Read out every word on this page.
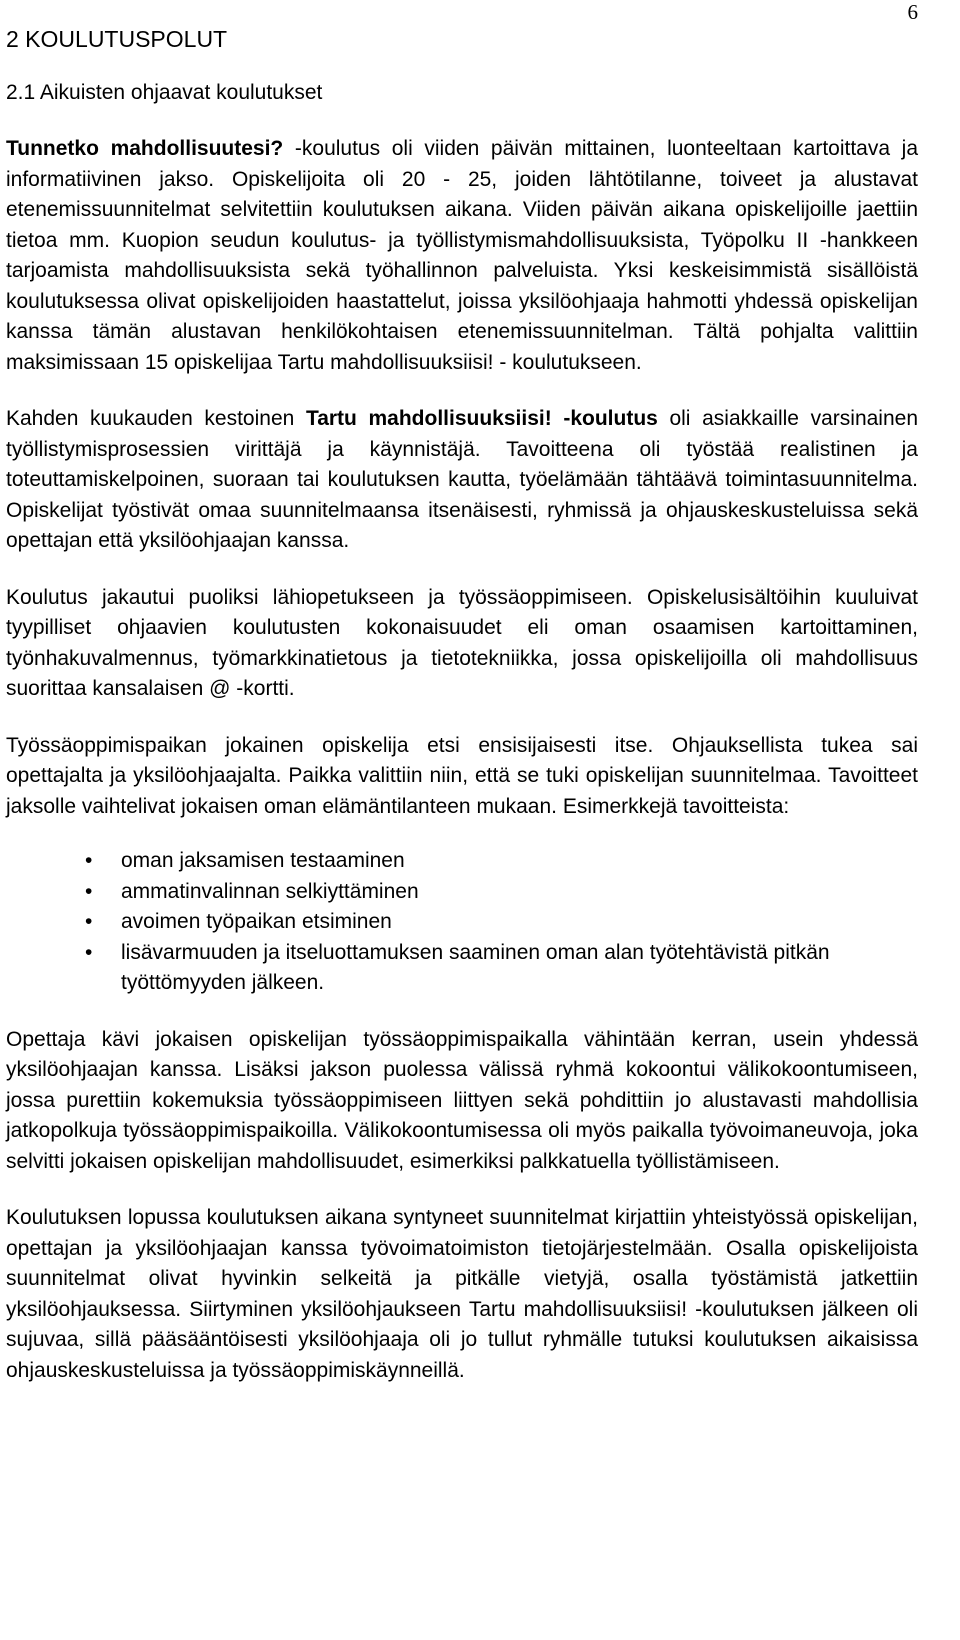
6
2 KOULUTUSPOLUT
2.1 Aikuisten ohjaavat koulutukset

Tunnetko mahdollisuutesi? -koulutus oli viiden päivän mittainen, luonteeltaan kartoittava ja informatiivinen jakso. Opiskelijoita oli 20 - 25, joiden lähtötilanne, toiveet ja alustavat etenemissuunnitelmat selvitettiin koulutuksen aikana. Viiden päivän aikana opiskelijoille jaettiin tietoa mm. Kuopion seudun koulutus- ja työllistymismahdollisuuksista, Työpolku II -hankkeen tarjoamista mahdollisuuksista sekä työhallinnon palveluista. Yksi keskeisimmistä sisällöistä koulutuksessa olivat opiskelijoiden haastattelut, joissa yksilöohjaaja hahmotti yhdessä opiskelijan kanssa tämän alustavan henkilökohtaisen etenemissuunnitelman. Tältä pohjalta valittiin maksimissaan 15 opiskelijaa Tartu mahdollisuuksiisi! - koulutukseen.

Kahden kuukauden kestoinen Tartu mahdollisuuksiisi! -koulutus oli asiakkaille varsinainen työllistymisprosessien virittäjä ja käynnistäjä. Tavoitteena oli työstää realistinen ja toteuttamiskelpoinen, suoraan tai koulutuksen kautta, työelämään tähtäävä toimintasuunnitelma. Opiskelijat työstivät omaa suunnitelmaansa itsenäisesti, ryhmissä ja ohjauskeskusteluissa sekä opettajan että yksilöohjaajan kanssa.

Koulutus jakautui puoliksi lähiopetukseen ja työssäoppimiseen. Opiskelusisältöihin kuuluivat tyypilliset ohjaavien koulutusten kokonaisuudet eli oman osaamisen kartoittaminen, työnhakuvalmennus, työmarkkinatietous ja tietotekniikka, jossa opiskelijoilla oli mahdollisuus suorittaa kansalaisen @ -kortti.

Työssäoppimispaikan jokainen opiskelija etsi ensisijaisesti itse. Ohjauksellista tukea sai opettajalta ja yksilöohjaajalta. Paikka valittiin niin, että se tuki opiskelijan suunnitelmaa. Tavoitteet jaksolle vaihtelivat jokaisen oman elämäntilanteen mukaan. Esimerkkejä tavoitteista:

• oman jaksamisen testaaminen
• ammatinvalinnan selkiyttäminen
• avoimen työpaikan etsiminen
• lisävarmuuden ja itseluottamuksen saaminen oman alan työtehtävistä pitkän työttömyyden jälkeen.

Opettaja kävi jokaisen opiskelijan työssäoppimispaikalla vähintään kerran, usein yhdessä yksilöohjaajan kanssa. Lisäksi jakson puolessa välissä ryhmä kokoontui välikokoontumiseen, jossa purettiin kokemuksia työssäoppimiseen liittyen sekä pohdittiin jo alustavasti mahdollisia jatkopolkuja työssäoppimispaikoilla. Välikokoontumisessa oli myös paikalla työvoimaneuvoja, joka selvitti jokaisen opiskelijan mahdollisuudet, esimerkiksi palkkatuella työllistämiseen.

Koulutuksen lopussa koulutuksen aikana syntyneet suunnitelmat kirjattiin yhteistyössä opiskelijan, opettajan ja yksilöohjaajan kanssa työvoimatoimiston tietojärjestelmään. Osalla opiskelijoista suunnitelmat olivat hyvinkin selkeitä ja pitkälle vietyjä, osalla työstämistä jatkettiin yksilöohjauksessa. Siirtyminen yksilöohjaukseen Tartu mahdollisuuksiisi! -koulutuksen jälkeen oli sujuvaa, sillä pääsääntöisesti yksilöohjaaja oli jo tullut ryhmälle tutuksi koulutuksen aikaisissa ohjauskeskusteluissa ja työssäoppimiskäynneillä.
